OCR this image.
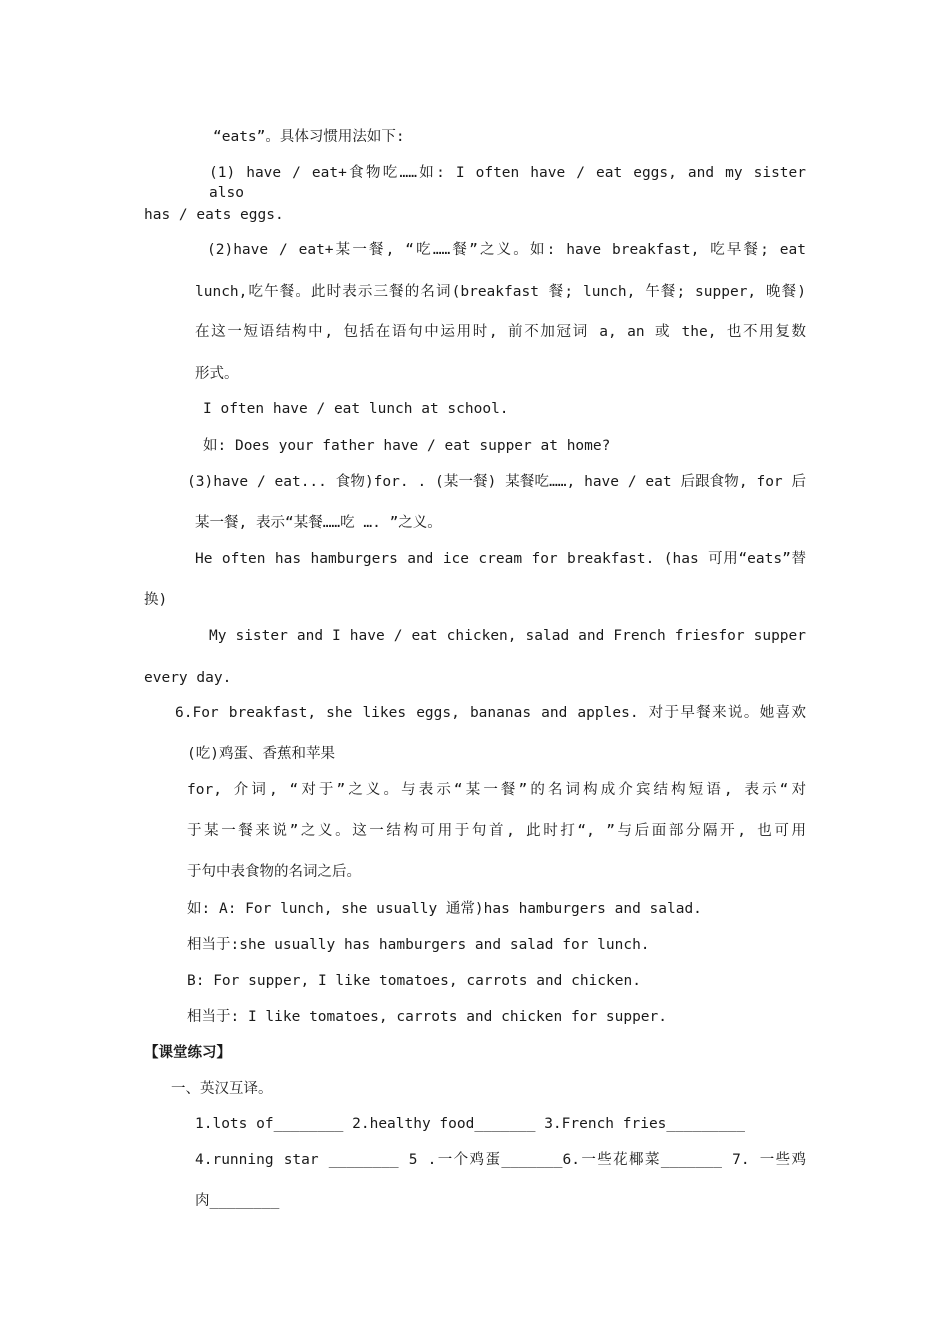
“eats”。具体习惯用法如下:
(1) have / eat+食物吃……如: I often have / eat eggs, and my sister also
has / eats eggs.
(2)have / eat+某一餐, “吃……餐”之义。如: have breakfast, 吃早餐; eat
lunch,吃午餐。此时表示三餐的名词(breakfast 餐; lunch, 午餐; supper, 晚餐)
在这一短语结构中, 包括在语句中运用时, 前不加冠词 a, an 或 the, 也不用复数
形式。
I often have / eat lunch at school.
如: Does your father have / eat supper at home?
(3)have / eat... 食物)for. . (某一餐) 某餐吃……, have / eat 后跟食物, for 后
某一餐, 表示“某餐……吃 …. ”之义。
He often has hamburgers and ice cream for breakfast. (has 可用“eats”替
换)
My sister and I have / eat chicken, salad and French friesfor supper
every day.
6.For breakfast, she likes eggs, bananas and apples. 对于早餐来说。她喜欢
(吃)鸡蛋、香蕉和苹果
for, 介词, “对于”之义。与表示“某一餐”的名词构成介宾结构短语, 表示“对
于某一餐来说”之义。这一结构可用于句首, 此时打“, ”与后面部分隔开, 也可用
于句中表食物的名词之后。
如: A: For lunch, she usually 通常)has hamburgers and salad.
相当于:she usually has hamburgers and salad for lunch.
B: For supper, I like tomatoes, carrots and chicken.
相当于: I like tomatoes, carrots and chicken for supper.
【课堂练习】
一、英汉互译。
1.lots of________ 2.healthy food_______ 3.French fries_________
4.running star ________ 5 .一个鸡蛋_______6.一些花椰菜_______ 7. 一些鸡
肉________
